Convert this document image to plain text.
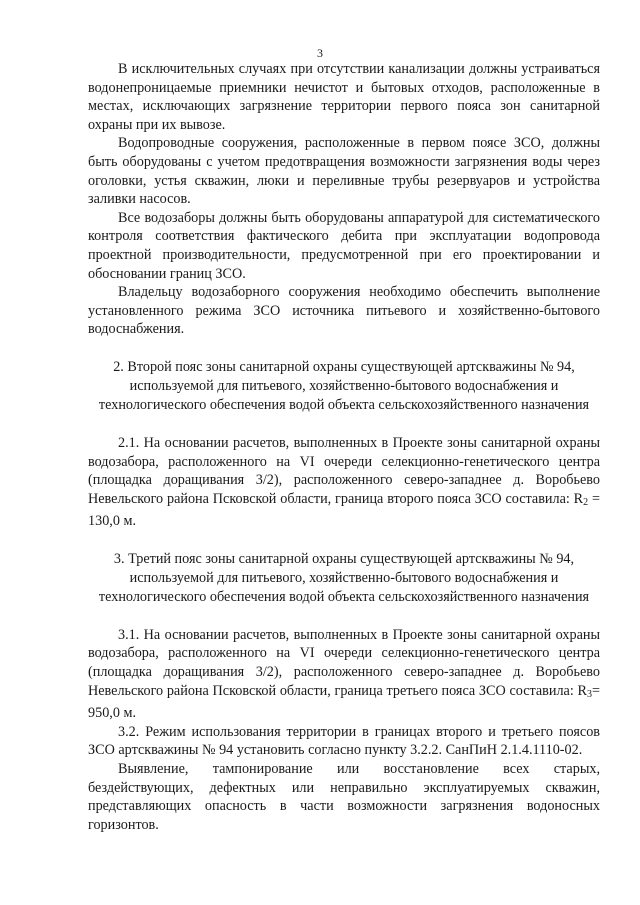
3

В исключительных случаях при отсутствии канализации должны устраиваться водонепроницаемые приемники нечистот и бытовых отходов, расположенные в местах, исключающих загрязнение территории первого пояса зон санитарной охраны при их вывозе.

Водопроводные сооружения, расположенные в первом поясе ЗСО, должны быть оборудованы с учетом предотвращения возможности загрязнения воды через оголовки, устья скважин, люки и переливные трубы резервуаров и устройства заливки насосов.

Все водозаборы должны быть оборудованы аппаратурой для систематического контроля соответствия фактического дебита при эксплуатации водопровода проектной производительности, предусмотренной при его проектировании и обосновании границ ЗСО.

Владельцу водозаборного сооружения необходимо обеспечить выполнение установленного режима ЗСО источника питьевого и хозяйственно-бытового водоснабжения.

2. Второй пояс зоны санитарной охраны существующей артскважины № 94, используемой для питьевого, хозяйственно-бытового водоснабжения и технологического обеспечения водой объекта сельскохозяйственного назначения

2.1. На основании расчетов, выполненных в Проекте зоны санитарной охраны водозабора, расположенного на VI очереди селекционно-генетического центра (площадка доращивания 3/2), расположенного северо-западнее д. Воробьево Невельского района Псковской области, граница второго пояса ЗСО составила: $R_2 = 130,0$ м.

3. Третий пояс зоны санитарной охраны существующей артскважины № 94, используемой для питьевого, хозяйственно-бытового водоснабжения и технологического обеспечения водой объекта сельскохозяйственного назначения

3.1. На основании расчетов, выполненных в Проекте зоны санитарной охраны водозабора, расположенного на VI очереди селекционно-генетического центра (площадка доращивания 3/2), расположенного северо-западнее д. Воробьево Невельского района Псковской области, граница третьего пояса ЗСО составила: $R_3= 950,0$ м.

3.2. Режим использования территории в границах второго и третьего поясов ЗСО артскважины № 94 установить согласно пункту 3.2.2. СанПиН 2.1.4.1110-02.

Выявление, тампонирование или восстановление всех старых, бездействующих, дефектных или неправильно эксплуатируемых скважин, представляющих опасность в части возможности загрязнения водоносных горизонтов.
